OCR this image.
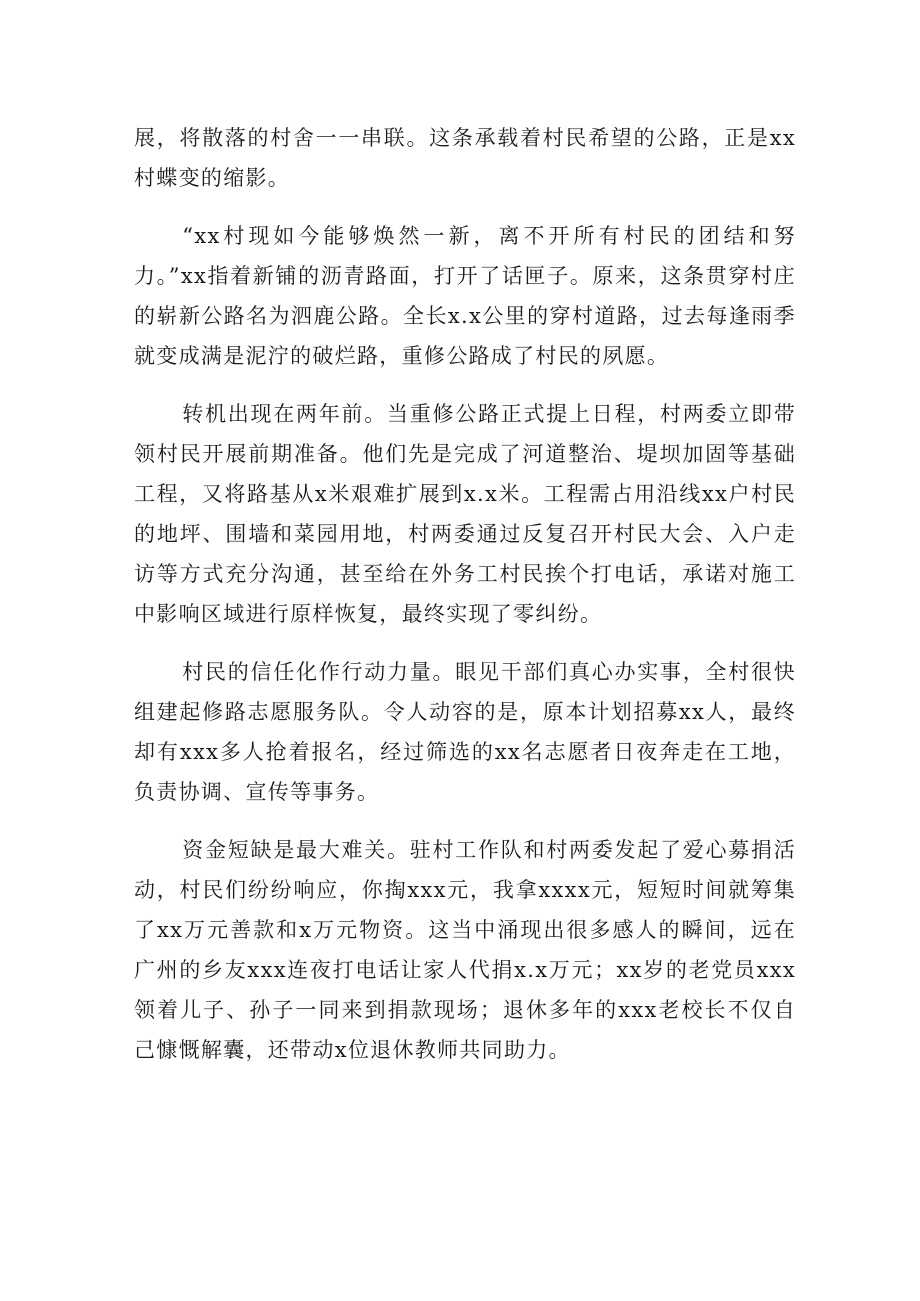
展，将散落的村舍一一串联。这条承载着村民希望的公路，正是xx村蝶变的缩影。

“xx村现如今能够焕然一新，离不开所有村民的团结和努力。”xx指着新铺的沥青路面，打开了话匣子。原来，这条贯穿村庄的崭新公路名为泗鹿公路。全长x.x公里的穿村道路，过去每逢雨季就变成满是泥泞的破烂路，重修公路成了村民的夙愿。

转机出现在两年前。当重修公路正式提上日程，村两委立即带领村民开展前期准备。他们先是完成了河道整治、堤坝加固等基础工程，又将路基从x米艰难扩展到x.x米。工程需占用沿线xx户村民的地坪、围墙和菜园用地，村两委通过反复召开村民大会、入户走访等方式充分沟通，甚至给在外务工村民挨个打电话，承诺对施工中影响区域进行原样恢复，最终实现了零纠纷。

村民的信任化作行动力量。眼见干部们真心办实事，全村很快组建起修路志愿服务队。令人动容的是，原本计划招募xx人，最终却有xxx多人抢着报名，经过筛选的xx名志愿者日夜奔走在工地，负责协调、宣传等事务。

资金短缺是最大难关。驻村工作队和村两委发起了爱心募捐活动，村民们纷纷响应，你掏xxx元，我拿xxxx元，短短时间就筹集了xx万元善款和x万元物资。这当中涌现出很多感人的瞬间，远在广州的乡友xxx连夜打电话让家人代捐x.x万元；xx岁的老党员xxx领着儿子、孙子一同来到捐款现场；退休多年的xxx老校长不仅自己慷慨解囊，还带动x位退休教师共同助力。
